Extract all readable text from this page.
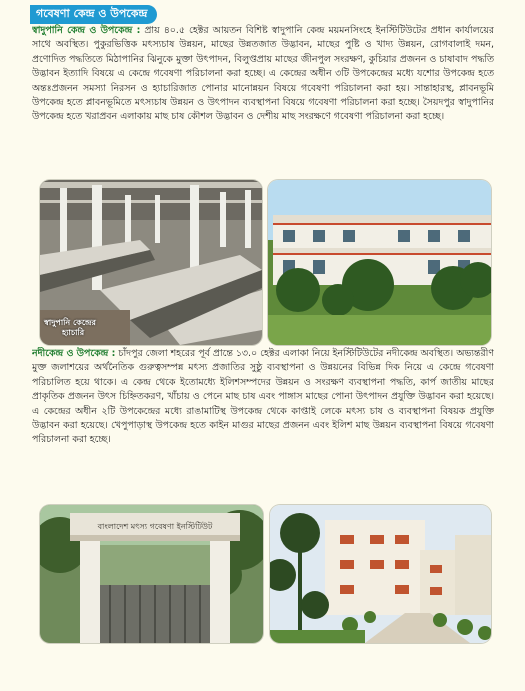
গবেষণা কেন্দ্র ও উপকেন্দ্র
স্বাদুপানি কেন্দ্র ও উপকেন্দ্র : প্রায় ৪০.৫ হেক্টর আয়তন বিশিষ্ট স্বাদুপানি কেন্দ্র ময়মনসিংহে ইনস্টিটিউটের প্রধান কার্যালয়ের সাথে অবস্থিত। পুকুরভিত্তিক মৎস্যচাষ উন্নয়ন, মাছের উন্নতজাত উদ্ভাবন, মাছের পুষ্টি ও খাদ্য উন্নয়ন, রোগবালাই দমন, প্রণোদিত পদ্ধতিতে মিঠাপানির ঝিনুকে মুক্তা উৎপাদন, বিলুপ্তপ্রায় মাছের জীনপুল সংরক্ষণ, কুচিয়ার প্রজনন ও চাষাবাদ পদ্ধতি উদ্ভাবন ইত্যাদি বিষয়ে এ কেন্দ্রে গবেষণা পরিচালনা করা হচ্ছে। এ কেন্দ্রের অধীন ৩টি উপকেন্দ্রের মধ্যে যশোর উপকেন্দ্র হতে অন্তঃপ্রজনন সমস্যা নিরসন ও হ্যাচারিজাত পোনার মানোন্নয়ন বিষয়ে গবেষণা পরিচালনা করা হয়। সান্তাহারস্থ, প্লাবনভূমি উপকেন্দ্র হতে প্লাবনভূমিতে মৎস্যচাষ উন্নয়ন ও উৎপাদন ব্যবস্থাপনা বিষয়ে গবেষণা পরিচালনা করা হচ্ছে। সৈয়দপুর স্বাদুপানির উপকেন্দ্র হতে খরাপ্রবন এলাকায় মাছ চাষ কৌশল উদ্ভাবন ও দেশীয় মাছ সংরক্ষণে গবেষণা পরিচালনা করা হচ্ছে।
স্বাদুপানি কেন্দ্রের
হ্যাচারি
নদীকেন্দ্র ও উপকেন্দ্র : চাঁদপুর জেলা শহরের পূর্ব প্রান্তে ১৩.০ হেক্টর এলাকা নিয়ে ইনস্টিটিউটের নদীকেন্দ্র অবস্থিত। অভ্যন্তরীণ মুক্ত জলাশয়ের অর্থনৈতিক গুরুত্বসম্পন্ন মৎস্য প্রজাতির সুষ্ঠু ব্যবস্থাপনা ও উন্নয়নের বিভিন্ন দিক নিয়ে এ কেন্দ্রে গবেষণা পরিচালিত হয়ে থাকে। এ কেন্দ্র থেকে ইতোমধ্যে ইলিশসম্পদের উন্নয়ন ও সংরক্ষণ ব্যবস্থাপনা পদ্ধতি, কার্প জাতীয় মাছের প্রাকৃতিক প্রজনন উৎস চিহ্নিতকরণ, খাঁচায় ও পেনে মাছ চাষ এবং পাঙ্গাস মাছের পোনা উৎপাদন প্রযুক্তি উদ্ভাবন করা হয়েছে। এ কেন্দ্রের অধীন ২টি উপকেন্দ্রের মধ্যে রাঙামাটিস্থ উপকেন্দ্র থেকে কাপ্তাই লেকে মৎস্য চাষ ও ব্যবস্থাপনা বিষয়ক প্রযুক্তি উদ্ভাবন করা হয়েছে। খেপুপাড়াস্থ উপকেন্দ্র হতে কাইন মাগুর মাছের প্রজনন এবং ইলিশ মাছ উন্নয়ন ব্যবস্থাপনা বিষয়ে গবেষণা পরিচালনা করা হচ্ছে।
বাংলাদেশ মৎস্য গবেষণা ইনস্টিটিউট
